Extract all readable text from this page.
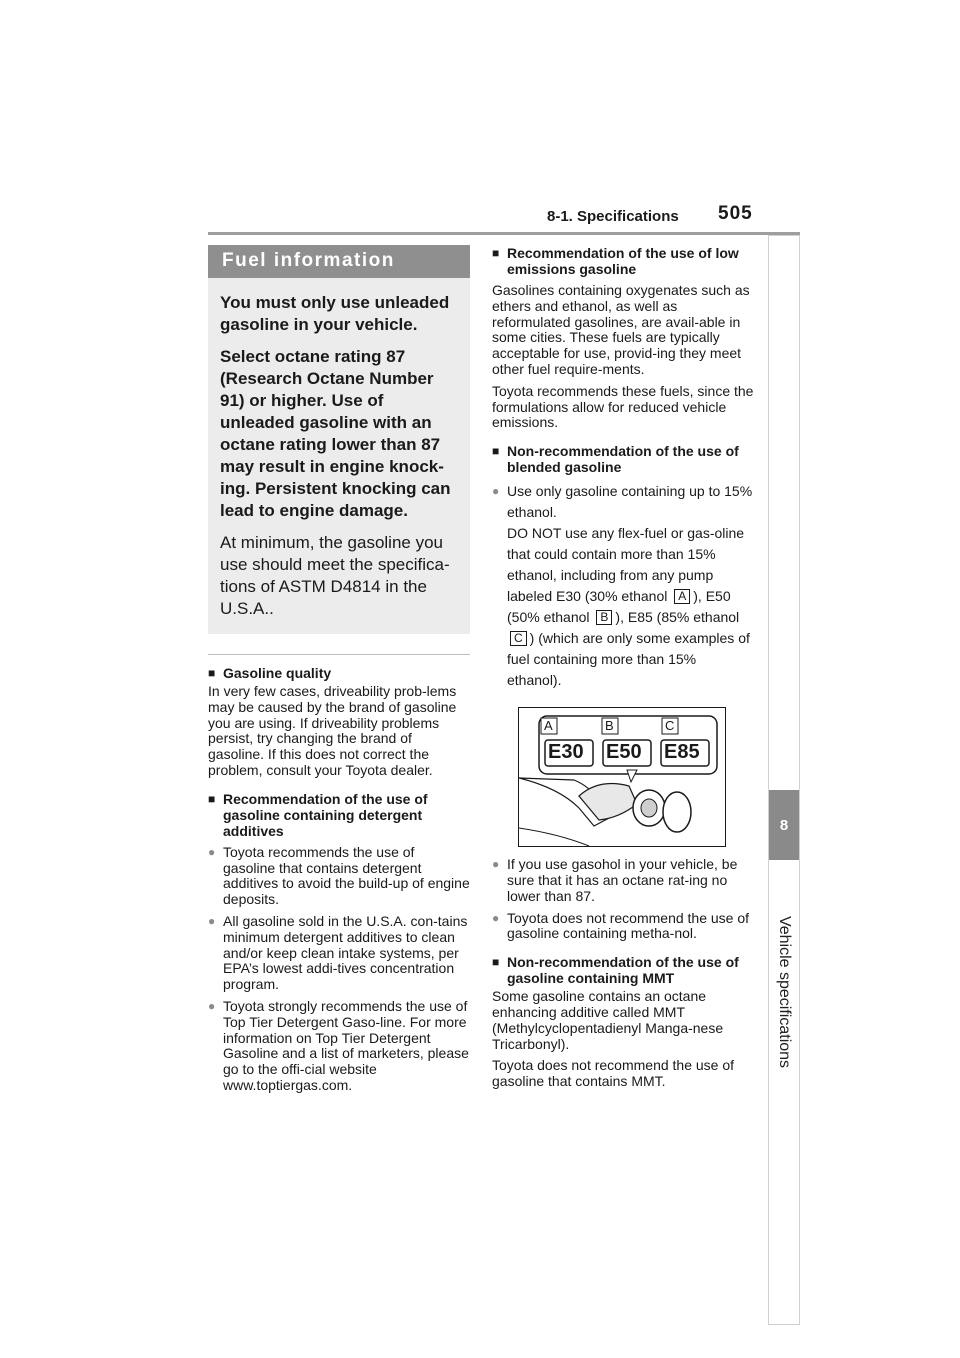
8-1. Specifications 505
8
Vehicle specifications
Fuel information

You must only use unleaded gasoline in your vehicle.

Select octane rating 87 (Research Octane Number 91) or higher. Use of unleaded gasoline with an octane rating lower than 87 may result in engine knock-ing. Persistent knocking can lead to engine damage.

At minimum, the gasoline you use should meet the specifica-tions of ASTM D4814 in the U.S.A..

■ Gasoline quality

In very few cases, driveability prob-lems may be caused by the brand of gasoline you are using. If driveability problems persist, try changing the brand of gasoline. If this does not correct the problem, consult your Toyota dealer.

■ Recommendation of the use of gasoline containing detergent additives
● Toyota recommends the use of gasoline that contains detergent additives to avoid the build-up of engine deposits.
● All gasoline sold in the U.S.A. con-tains minimum detergent additives to clean and/or keep clean intake systems, per EPA’s lowest addi-tives concentration program.
● Toyota strongly recommends the use of Top Tier Detergent Gaso-line. For more information on Top Tier Detergent Gasoline and a list of marketers, please go to the offi-cial website www.toptiergas.com.
■ Recommendation of the use of low emissions gasoline

Gasolines containing oxygenates such as ethers and ethanol, as well as reformulated gasolines, are avail-able in some cities. These fuels are typically acceptable for use, provid-ing they meet other fuel require-ments.

Toyota recommends these fuels, since the formulations allow for reduced vehicle emissions.

■ Non-recommendation of the use of blended gasoline
● Use only gasoline containing up to 15% ethanol.
DO NOT use any flex-fuel or gas-oline that could contain more than 15% ethanol, including from any pump labeled E30 (30% ethanol A ), E50 (50% ethanol B ), E85 (85% ethanol C ) (which are only some examples of fuel containing more than 15% ethanol).
A	B	C
E30 E50 E85
● If you use gasohol in your vehicle, be sure that it has an octane rat-ing no lower than 87.
● Toyota does not recommend the use of gasoline containing metha-nol.
■ Non-recommendation of the use of gasoline containing MMT

Some gasoline contains an octane enhancing additive called MMT (Methylcyclopentadienyl Manga-nese Tricarbonyl).

Toyota does not recommend the use of gasoline that contains MMT.
